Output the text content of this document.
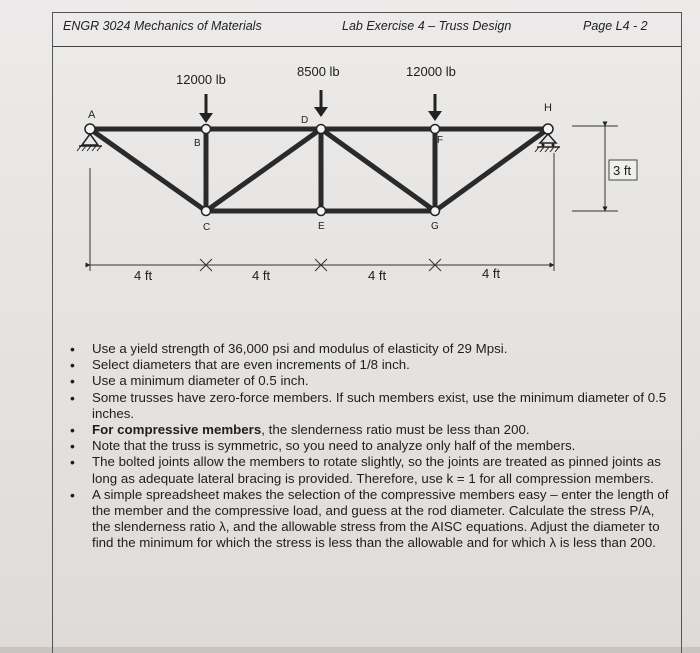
ENGR 3024 Mechanics of Materials	Lab Exercise 4 – Truss Design	Page L4 - 2
A
B
C
D
E
F
G
H
12000 lb
8500 lb	12000 lb
4 ft	4 ft	4 ft	4 ft
3 ft
• Use a yield strength of 36,000 psi and modulus of elasticity of 29 Mpsi.
• Select diameters that are even increments of 1/8 inch.
• Use a minimum diameter of 0.5 inch.
• Some trusses have zero-force members. If such members exist, use the minimum diameter of 0.5 inches.
• For compressive members, the slenderness ratio must be less than 200.
• Note that the truss is symmetric, so you need to analyze only half of the members.
• The bolted joints allow the members to rotate slightly, so the joints are treated as pinned joints as long as adequate lateral bracing is provided. Therefore, use k = 1 for all compression members.
• A simple spreadsheet makes the selection of the compressive members easy – enter the length of the member and the compressive load, and guess at the rod diameter. Calculate the stress P/A, the slenderness ratio λ, and the allowable stress from the AISC equations. Adjust the diameter to find the minimum for which the stress is less than the allowable and for which λ is less than 200.
